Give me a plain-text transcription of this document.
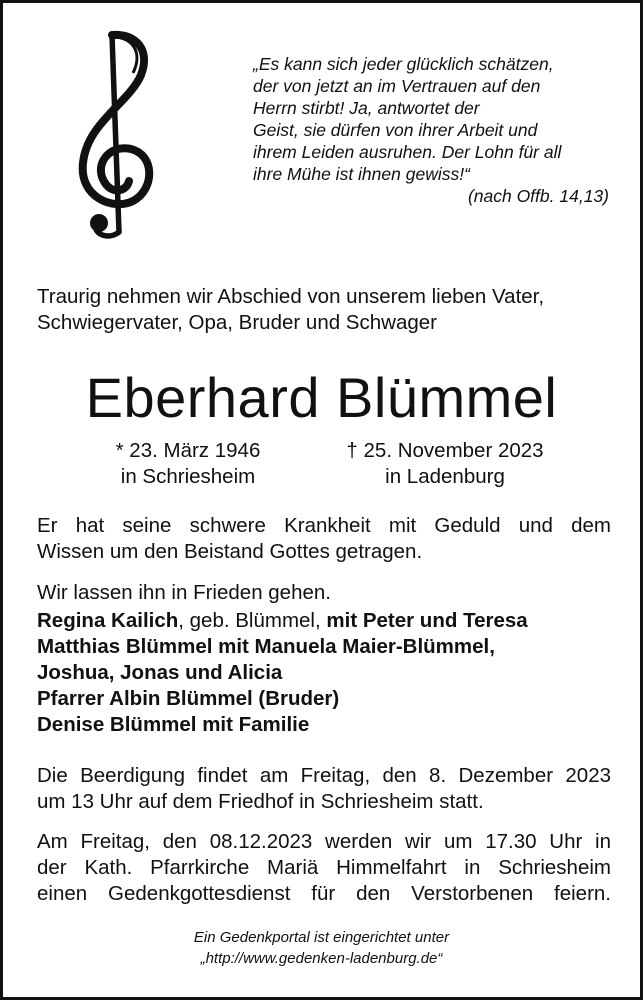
„Es kann sich jeder glücklich schätzen,

der von jetzt an im Vertrauen auf den

Herrn stirbt! Ja, antwortet der

Geist, sie dürfen von ihrer Arbeit und

ihrem Leiden ausruhen. Der Lohn für all

ihre Mühe ist ihnen gewiss!“

(nach Offb. 14,13)

Traurig nehmen wir Abschied von unserem lieben Vater,

Schwiegervater, Opa, Bruder und Schwager

Eberhard Blümmel
* 23. März 1946
in Schriesheim
† 25. November 2023
in Ladenburg

Er hat seine schwere Krankheit mit Geduld und dem

Wissen um den Beistand Gottes getragen.

Wir lassen ihn in Frieden gehen.

Regina Kailich, geb. Blümmel, mit Peter und Teresa

Matthias Blümmel mit Manuela Maier-Blümmel,

Joshua, Jonas und Alicia

Pfarrer Albin Blümmel (Bruder)

Denise Blümmel mit Familie

Die Beerdigung findet am Freitag, den 8. Dezember 2023

um 13 Uhr auf dem Friedhof in Schriesheim statt.

Am Freitag, den 08.12.2023 werden wir um 17.30 Uhr in

der Kath. Pfarrkirche Mariä Himmelfahrt in Schriesheim

einen Gedenkgottesdienst für den Verstorbenen feiern.

Ein Gedenkportal ist eingerichtet unter
„http://www.gedenken-ladenburg.de“
